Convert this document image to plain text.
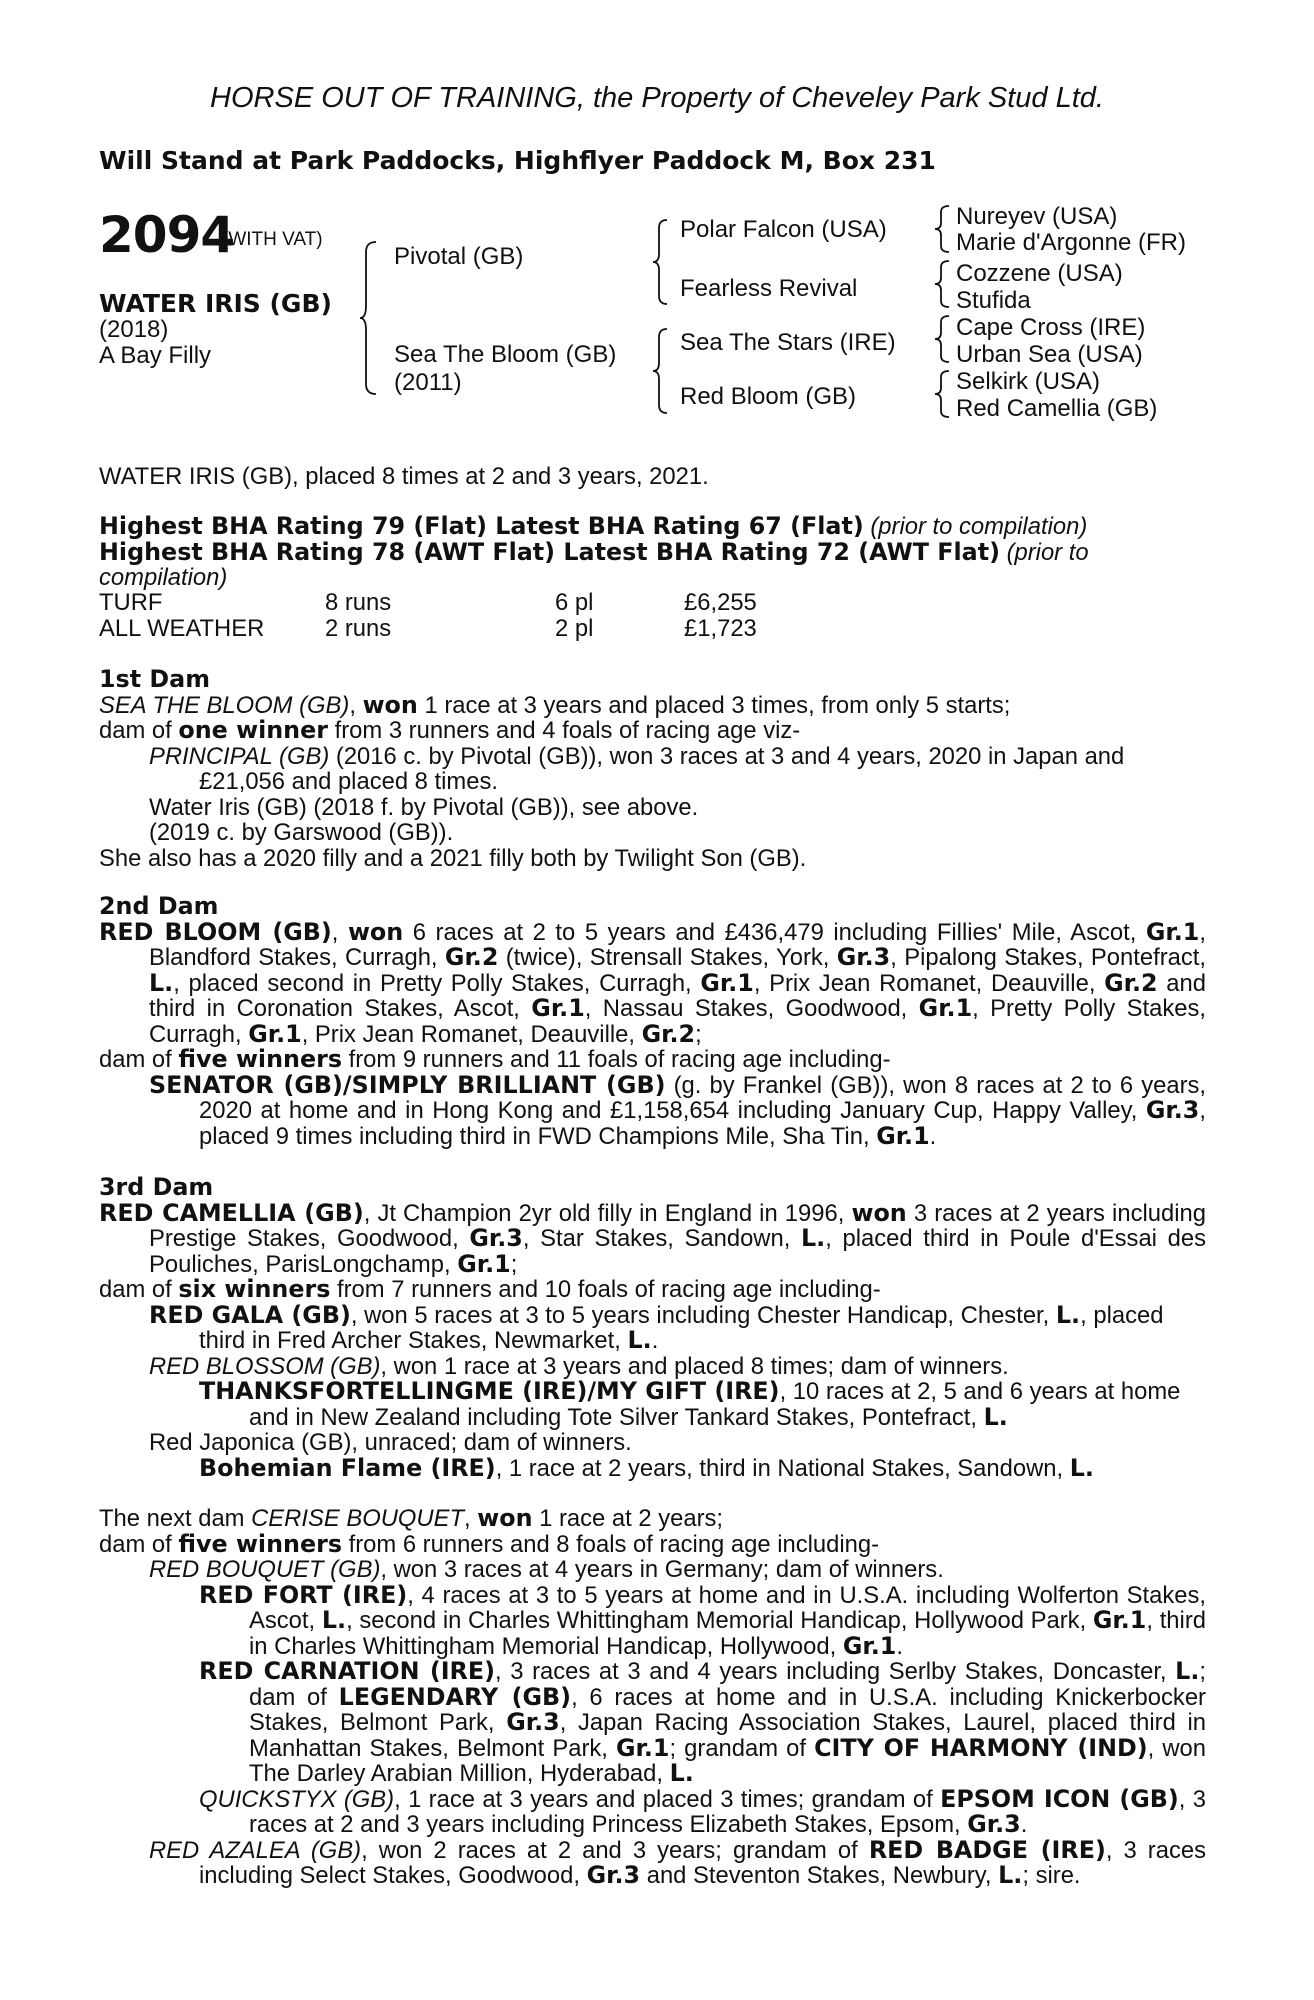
HORSE OUT OF TRAINING, the Property of Cheveley Park Stud Ltd.
Will Stand at Park Paddocks, Highflyer Paddock M, Box 231
2094
(WITH VAT)
WATER IRIS (GB)
(2018)
A Bay Filly
Pivotal (GB)
Sea The Bloom (GB)
(2011)
Polar Falcon (USA)
Fearless Revival
Sea The Stars (IRE)
Red Bloom (GB)
Nureyev (USA)
Marie d'Argonne (FR)
Cozzene (USA)
Stufida
Cape Cross (IRE)
Urban Sea (USA)
Selkirk (USA)
Red Camellia (GB)
WATER IRIS (GB), placed 8 times at 2 and 3 years, 2021.

Highest BHA Rating 79 (Flat) Latest BHA Rating 67 (Flat) (prior to compilation)

Highest BHA Rating 78 (AWT Flat) Latest BHA Rating 72 (AWT Flat) (prior to compilation)

TURF	8 runs	6 pl	£6,255
ALL WEATHER	2 runs	2 pl	£1,723

1st Dam

SEA THE BLOOM (GB), won 1 race at 3 years and placed 3 times, from only 5 starts;

dam of one winner from 3 runners and 4 foals of racing age viz-

PRINCIPAL (GB) (2016 c. by Pivotal (GB)), won 3 races at 3 and 4 years, 2020 in Japan and £21,056 and placed 8 times.

Water Iris (GB) (2018 f. by Pivotal (GB)), see above.

(2019 c. by Garswood (GB)).

She also has a 2020 filly and a 2021 filly both by Twilight Son (GB).

2nd Dam

RED BLOOM (GB), won 6 races at 2 to 5 years and £436,479 including Fillies' Mile, Ascot, Gr.1, Blandford Stakes, Curragh, Gr.2 (twice), Strensall Stakes, York, Gr.3, Pipalong Stakes, Pontefract, L., placed second in Pretty Polly Stakes, Curragh, Gr.1, Prix Jean Romanet, Deauville, Gr.2 and third in Coronation Stakes, Ascot, Gr.1, Nassau Stakes, Goodwood, Gr.1, Pretty Polly Stakes, Curragh, Gr.1, Prix Jean Romanet, Deauville, Gr.2;

dam of five winners from 9 runners and 11 foals of racing age including-

SENATOR (GB)/SIMPLY BRILLIANT (GB) (g. by Frankel (GB)), won 8 races at 2 to 6 years, 2020 at home and in Hong Kong and £1,158,654 including January Cup, Happy Valley, Gr.3, placed 9 times including third in FWD Champions Mile, Sha Tin, Gr.1.

3rd Dam

RED CAMELLIA (GB), Jt Champion 2yr old filly in England in 1996, won 3 races at 2 years including Prestige Stakes, Goodwood, Gr.3, Star Stakes, Sandown, L., placed third in Poule d'Essai des Pouliches, ParisLongchamp, Gr.1;

dam of six winners from 7 runners and 10 foals of racing age including-

RED GALA (GB), won 5 races at 3 to 5 years including Chester Handicap, Chester, L., placed third in Fred Archer Stakes, Newmarket, L..

RED BLOSSOM (GB), won 1 race at 3 years and placed 8 times; dam of winners.

THANKSFORTELLINGME (IRE)/MY GIFT (IRE), 10 races at 2, 5 and 6 years at home and in New Zealand including Tote Silver Tankard Stakes, Pontefract, L.

Red Japonica (GB), unraced; dam of winners.

Bohemian Flame (IRE), 1 race at 2 years, third in National Stakes, Sandown, L.

The next dam CERISE BOUQUET, won 1 race at 2 years;

dam of five winners from 6 runners and 8 foals of racing age including-

RED BOUQUET (GB), won 3 races at 4 years in Germany; dam of winners.

RED FORT (IRE), 4 races at 3 to 5 years at home and in U.S.A. including Wolferton Stakes, Ascot, L., second in Charles Whittingham Memorial Handicap, Hollywood Park, Gr.1, third in Charles Whittingham Memorial Handicap, Hollywood, Gr.1.

RED CARNATION (IRE), 3 races at 3 and 4 years including Serlby Stakes, Doncaster, L.; dam of LEGENDARY (GB), 6 races at home and in U.S.A. including Knickerbocker Stakes, Belmont Park, Gr.3, Japan Racing Association Stakes, Laurel, placed third in Manhattan Stakes, Belmont Park, Gr.1; grandam of CITY OF HARMONY (IND), won The Darley Arabian Million, Hyderabad, L.

QUICKSTYX (GB), 1 race at 3 years and placed 3 times; grandam of EPSOM ICON (GB), 3 races at 2 and 3 years including Princess Elizabeth Stakes, Epsom, Gr.3.

RED AZALEA (GB), won 2 races at 2 and 3 years; grandam of RED BADGE (IRE), 3 races including Select Stakes, Goodwood, Gr.3 and Steventon Stakes, Newbury, L.; sire.
